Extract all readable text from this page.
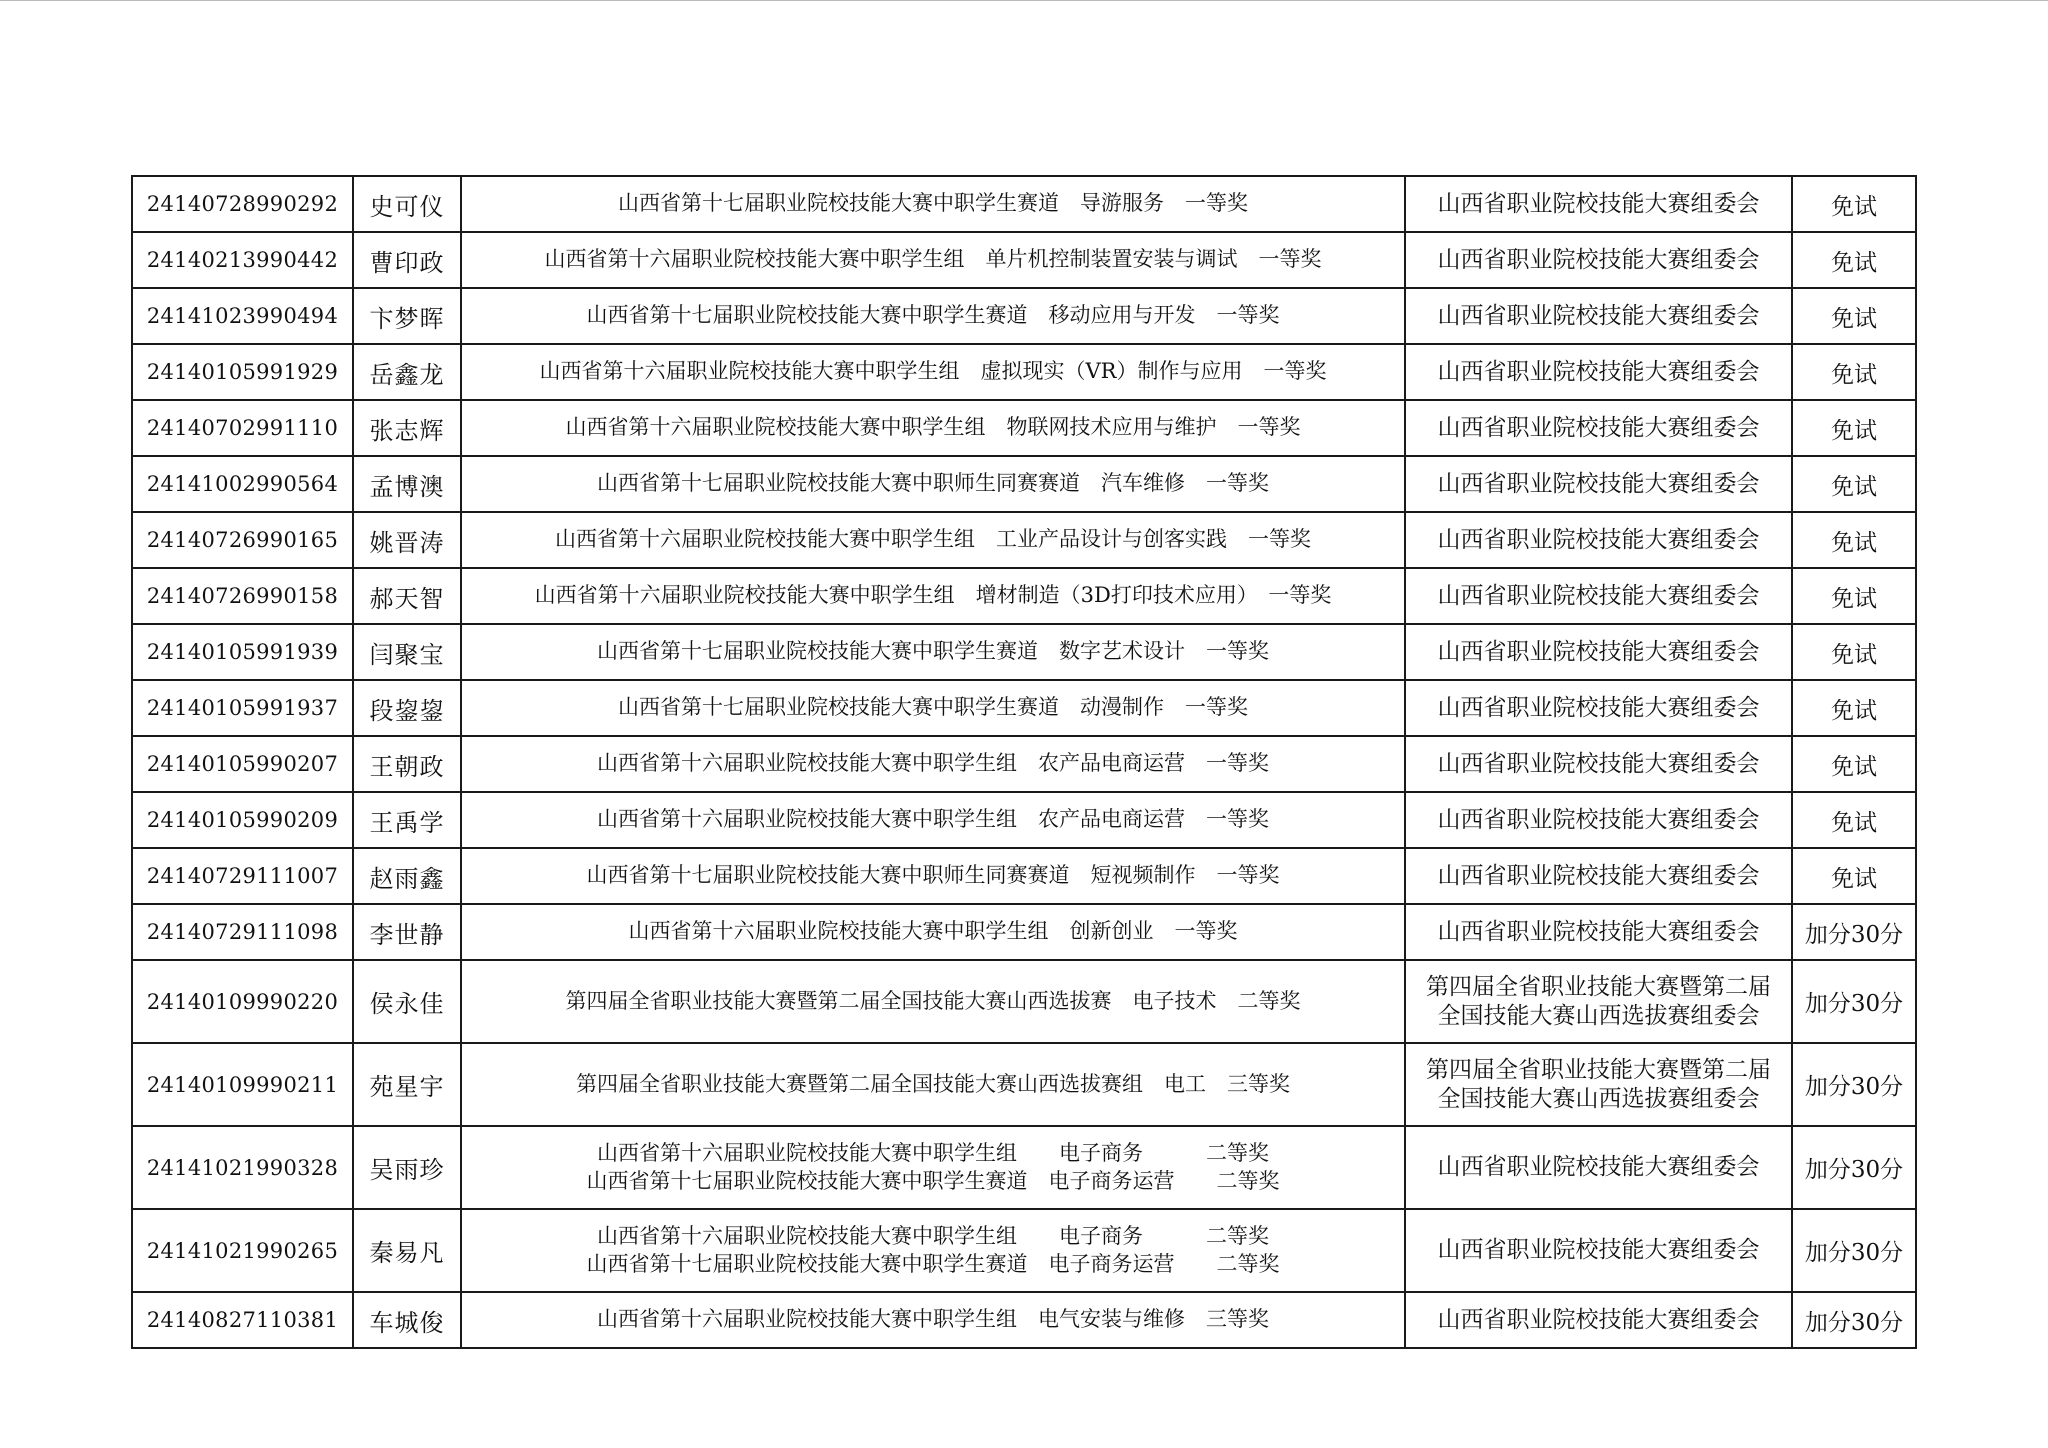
24140728990292	史可仪	山西省第十七届职业院校技能大赛中职学生赛道　导游服务　一等奖	山西省职业院校技能大赛组委会	免试
24140213990442	曹印政	山西省第十六届职业院校技能大赛中职学生组　单片机控制装置安装与调试　一等奖	山西省职业院校技能大赛组委会	免试
24141023990494	卞梦晖	山西省第十七届职业院校技能大赛中职学生赛道　移动应用与开发　一等奖	山西省职业院校技能大赛组委会	免试
24140105991929	岳鑫龙	山西省第十六届职业院校技能大赛中职学生组　虚拟现实（VR）制作与应用　一等奖	山西省职业院校技能大赛组委会	免试
24140702991110	张志辉	山西省第十六届职业院校技能大赛中职学生组　物联网技术应用与维护　一等奖	山西省职业院校技能大赛组委会	免试
24141002990564	孟博澳	山西省第十七届职业院校技能大赛中职师生同赛赛道　汽车维修　一等奖	山西省职业院校技能大赛组委会	免试
24140726990165	姚晋涛	山西省第十六届职业院校技能大赛中职学生组　工业产品设计与创客实践　一等奖	山西省职业院校技能大赛组委会	免试
24140726990158	郝天智	山西省第十六届职业院校技能大赛中职学生组　增材制造（3D打印技术应用）　一等奖	山西省职业院校技能大赛组委会	免试
24140105991939	闫聚宝	山西省第十七届职业院校技能大赛中职学生赛道　数字艺术设计　一等奖	山西省职业院校技能大赛组委会	免试
24140105991937	段鋆鋆	山西省第十七届职业院校技能大赛中职学生赛道　动漫制作　一等奖	山西省职业院校技能大赛组委会	免试
24140105990207	王朝政	山西省第十六届职业院校技能大赛中职学生组　农产品电商运营　一等奖	山西省职业院校技能大赛组委会	免试
24140105990209	王禹学	山西省第十六届职业院校技能大赛中职学生组　农产品电商运营　一等奖	山西省职业院校技能大赛组委会	免试
24140729111007	赵雨鑫	山西省第十七届职业院校技能大赛中职师生同赛赛道　短视频制作　一等奖	山西省职业院校技能大赛组委会	免试
24140729111098	李世静	山西省第十六届职业院校技能大赛中职学生组　创新创业　一等奖	山西省职业院校技能大赛组委会	加分30分
24140109990220	侯永佳	第四届全省职业技能大赛暨第二届全国技能大赛山西选拔赛　电子技术　二等奖	第四届全省职业技能大赛暨第二届
全国技能大赛山西选拔赛组委会	加分30分
24140109990211	苑星宇	第四届全省职业技能大赛暨第二届全国技能大赛山西选拔赛组　电工　三等奖	第四届全省职业技能大赛暨第二届
全国技能大赛山西选拔赛组委会	加分30分
24141021990328	吴雨珍	山西省第十六届职业院校技能大赛中职学生组　　电子商务　　　二等奖
山西省第十七届职业院校技能大赛中职学生赛道　电子商务运营　　二等奖	山西省职业院校技能大赛组委会	加分30分
24141021990265	秦易凡	山西省第十六届职业院校技能大赛中职学生组　　电子商务　　　二等奖
山西省第十七届职业院校技能大赛中职学生赛道　电子商务运营　　二等奖	山西省职业院校技能大赛组委会	加分30分
24140827110381	车城俊	山西省第十六届职业院校技能大赛中职学生组　电气安装与维修　三等奖	山西省职业院校技能大赛组委会	加分30分
